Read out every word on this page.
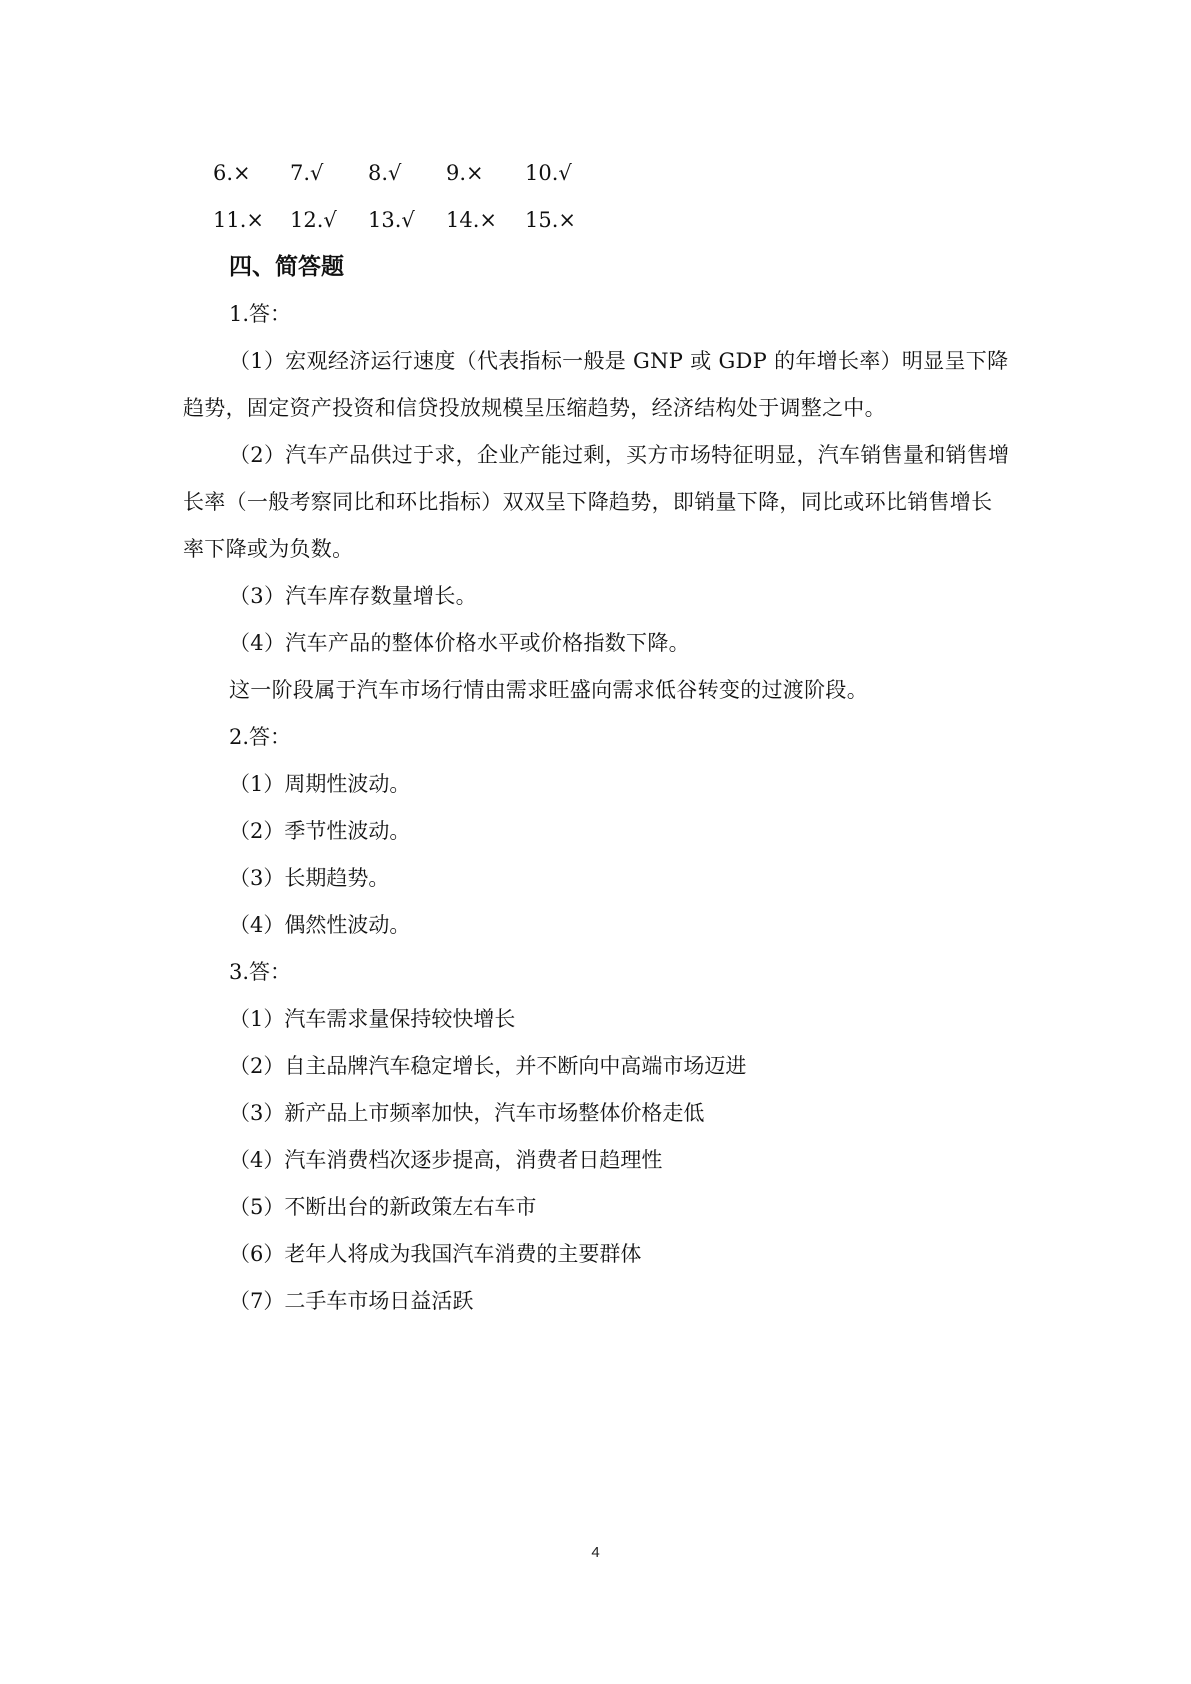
6.× 7.√ 8.√ 9.× 10.√
11.× 12.√ 13.√ 14.× 15.×
四、简答题
1.答：

（1）宏观经济运行速度（代表指标一般是 GNP 或 GDP 的年增长率）明显呈下降趋势，固定资产投资和信贷投放规模呈压缩趋势，经济结构处于调整之中。

（2）汽车产品供过于求，企业产能过剩，买方市场特征明显，汽车销售量和销售增长率（一般考察同比和环比指标）双双呈下降趋势，即销量下降，同比或环比销售增长率下降或为负数。

（3）汽车库存数量增长。

（4）汽车产品的整体价格水平或价格指数下降。

这一阶段属于汽车市场行情由需求旺盛向需求低谷转变的过渡阶段。

2.答：
（1）周期性波动。
（2）季节性波动。
（3）长期趋势。
（4）偶然性波动。
3.答：
（1）汽车需求量保持较快增长
（2）自主品牌汽车稳定增长，并不断向中高端市场迈进
（3）新产品上市频率加快，汽车市场整体价格走低
（4）汽车消费档次逐步提高，消费者日趋理性
（5）不断出台的新政策左右车市
（6）老年人将成为我国汽车消费的主要群体
（7）二手车市场日益活跃
4
